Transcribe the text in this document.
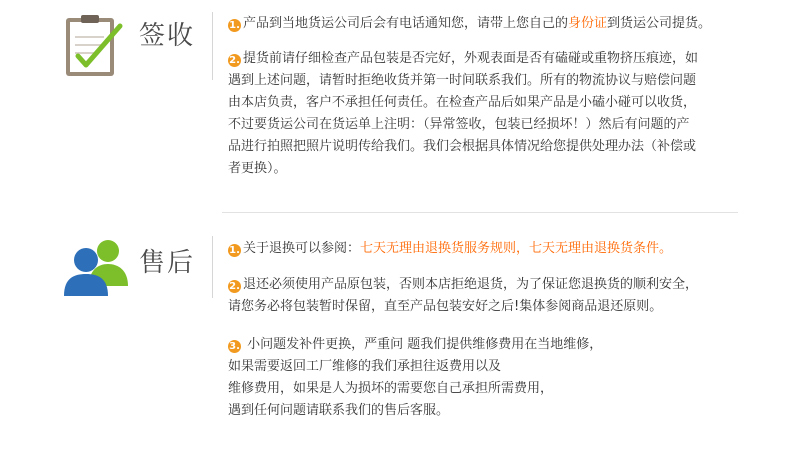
签收	1. 产品到当地货运公司后会有电话通知您，请带上您自己的身份证到货运公司提货。
2. 提货前请仔细检查产品包装是否完好，外观表面是否有磕碰或重物挤压痕迹，如
遇到上述问题，请暂时拒绝收货并第一时间联系我们。所有的物流协议与赔偿问题
由本店负责，客户不承担任何责任。在检查产品后如果产品是小磕小碰可以收货，
不过要货运公司在货运单上注明：（异常签收，包装已经损坏！）然后有问题的产
品进行拍照把照片说明传给我们。我们会根据具体情况给您提供处理办法（补偿或
者更换）。
售后	1. 关于退换可以参阅：七天无理由退换货服务规则，七天无理由退换货条件。
2. 退还必须使用产品原包装，否则本店拒绝退货，为了保证您退换货的顺利安全，
请您务必将包装暂时保留，直至产品包装安好之后!集体参阅商品退还原则。
3. 小问题发补件更换，严重问 题我们提供维修费用在当地维修，
如果需要返回工厂维修的我们承担往返费用以及
维修费用，如果是人为损坏的需要您自己承担所需费用，
遇到任何问题请联系我们的售后客服。
